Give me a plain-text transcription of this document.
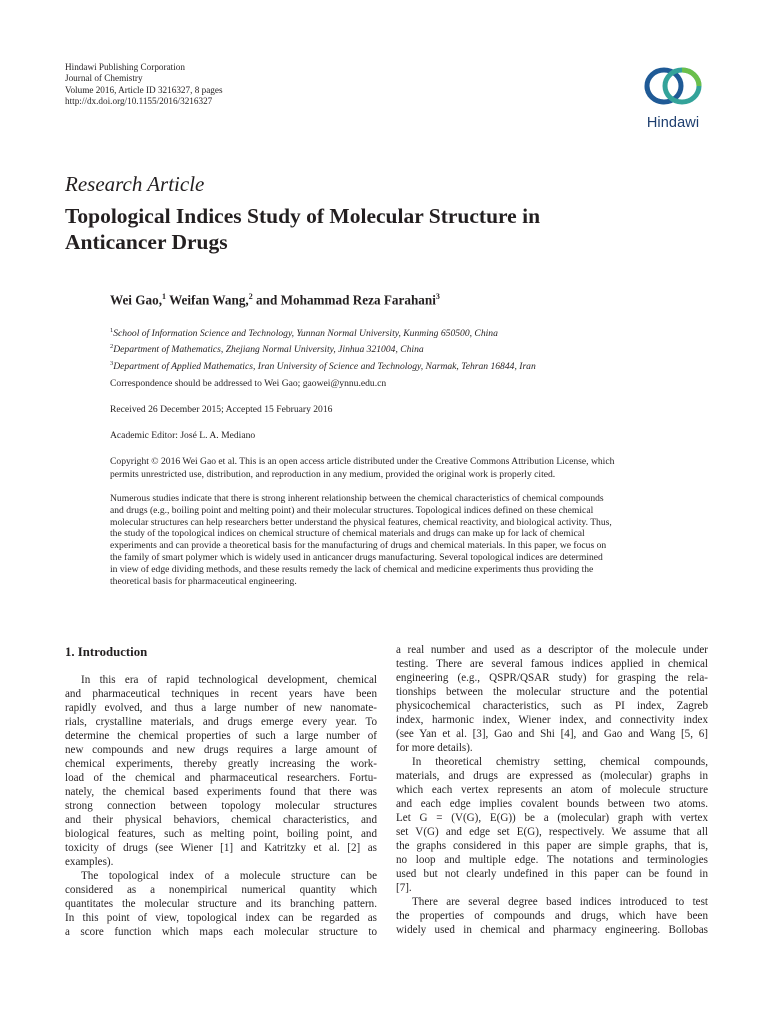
Hindawi Publishing Corporation
Journal of Chemistry
Volume 2016, Article ID 3216327, 8 pages
http://dx.doi.org/10.1155/2016/3216327
Hindawi
Research Article
Topological Indices Study of Molecular Structure in
Anticancer Drugs
Wei Gao,$^1$ Weifan Wang,$^2$ and Mohammad Reza Farahani$^3$
$^1$School of Information Science and Technology, Yunnan Normal University, Kunming 650500, China
$^2$Department of Mathematics, Zhejiang Normal University, Jinhua 321004, China
$^3$Department of Applied Mathematics, Iran University of Science and Technology, Narmak, Tehran 16844, Iran
Correspondence should be addressed to Wei Gao; gaowei@ynnu.edu.cn
Received 26 December 2015; Accepted 15 February 2016
Academic Editor: José L. A. Mediano
Copyright © 2016 Wei Gao et al. This is an open access article distributed under the Creative Commons Attribution License, which
permits unrestricted use, distribution, and reproduction in any medium, provided the original work is properly cited.
Numerous studies indicate that there is strong inherent relationship between the chemical characteristics of chemical compounds
and drugs (e.g., boiling point and melting point) and their molecular structures. Topological indices defined on these chemical
molecular structures can help researchers better understand the physical features, chemical reactivity, and biological activity. Thus,
the study of the topological indices on chemical structure of chemical materials and drugs can make up for lack of chemical
experiments and can provide a theoretical basis for the manufacturing of drugs and chemical materials. In this paper, we focus on
the family of smart polymer which is widely used in anticancer drugs manufacturing. Several topological indices are determined
in view of edge dividing methods, and these results remedy the lack of chemical and medicine experiments thus providing the
theoretical basis for pharmaceutical engineering.
1. Introduction
In this era of rapid technological development, chemical
and pharmaceutical techniques in recent years have been
rapidly evolved, and thus a large number of new nanomate-
rials, crystalline materials, and drugs emerge every year. To
determine the chemical properties of such a large number of
new compounds and new drugs requires a large amount of
chemical experiments, thereby greatly increasing the work-
load of the chemical and pharmaceutical researchers. Fortu-
nately, the chemical based experiments found that there was
strong connection between topology molecular structures
and their physical behaviors, chemical characteristics, and
biological features, such as melting point, boiling point, and
toxicity of drugs (see Wiener [1] and Katritzky et al. [2] as
examples).
The topological index of a molecule structure can be
considered as a nonempirical numerical quantity which
quantitates the molecular structure and its branching pattern.
In this point of view, topological index can be regarded as
a score function which maps each molecular structure to
a real number and used as a descriptor of the molecule under
testing. There are several famous indices applied in chemical
engineering (e.g., QSPR/QSAR study) for grasping the rela-
tionships between the molecular structure and the potential
physicochemical characteristics, such as PI index, Zagreb
index, harmonic index, Wiener index, and connectivity index
(see Yan et al. [3], Gao and Shi [4], and Gao and Wang [5, 6]
for more details).
In theoretical chemistry setting, chemical compounds,
materials, and drugs are expressed as (molecular) graphs in
which each vertex represents an atom of molecule structure
and each edge implies covalent bounds between two atoms.
Let G = (V(G), E(G)) be a (molecular) graph with vertex
set V(G) and edge set E(G), respectively. We assume that all
the graphs considered in this paper are simple graphs, that is,
no loop and multiple edge. The notations and terminologies
used but not clearly undefined in this paper can be found in
[7].
There are several degree based indices introduced to test
the properties of compounds and drugs, which have been
widely used in chemical and pharmacy engineering. Bollobas
